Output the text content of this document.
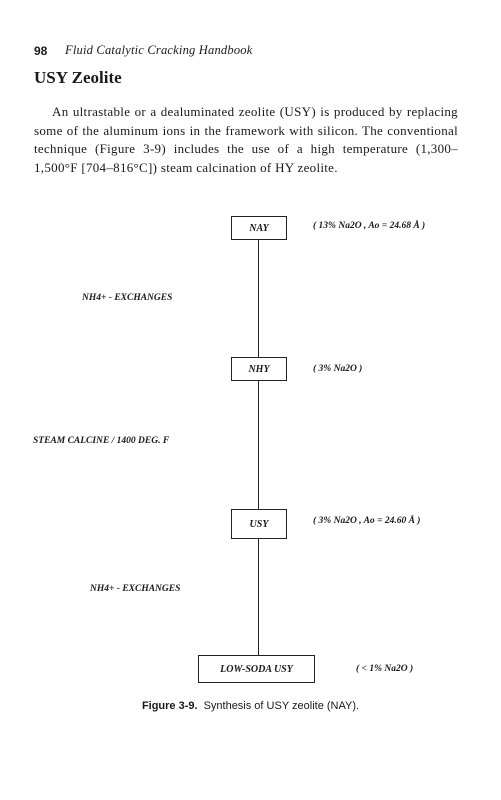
98 Fluid Catalytic Cracking Handbook
USY Zeolite
An ultrastable or a dealuminated zeolite (USY) is produced by replacing some of the aluminum ions in the framework with silicon. The conventional technique (Figure 3-9) includes the use of a high temperature (1,300–1,500°F [704–816°C]) steam calcination of HY zeolite.
NAY	( 13% Na2O , Ao = 24.68 Å )
NH4+ - EXCHANGES
NHY	( 3% Na2O )
STEAM CALCINE / 1400 DEG. F
USY	( 3% Na2O , Ao = 24.60 Å )
NH4+ - EXCHANGES
LOW-SODA USY	( < 1% Na2O )
Figure 3-9. Synthesis of USY zeolite (NAY).
